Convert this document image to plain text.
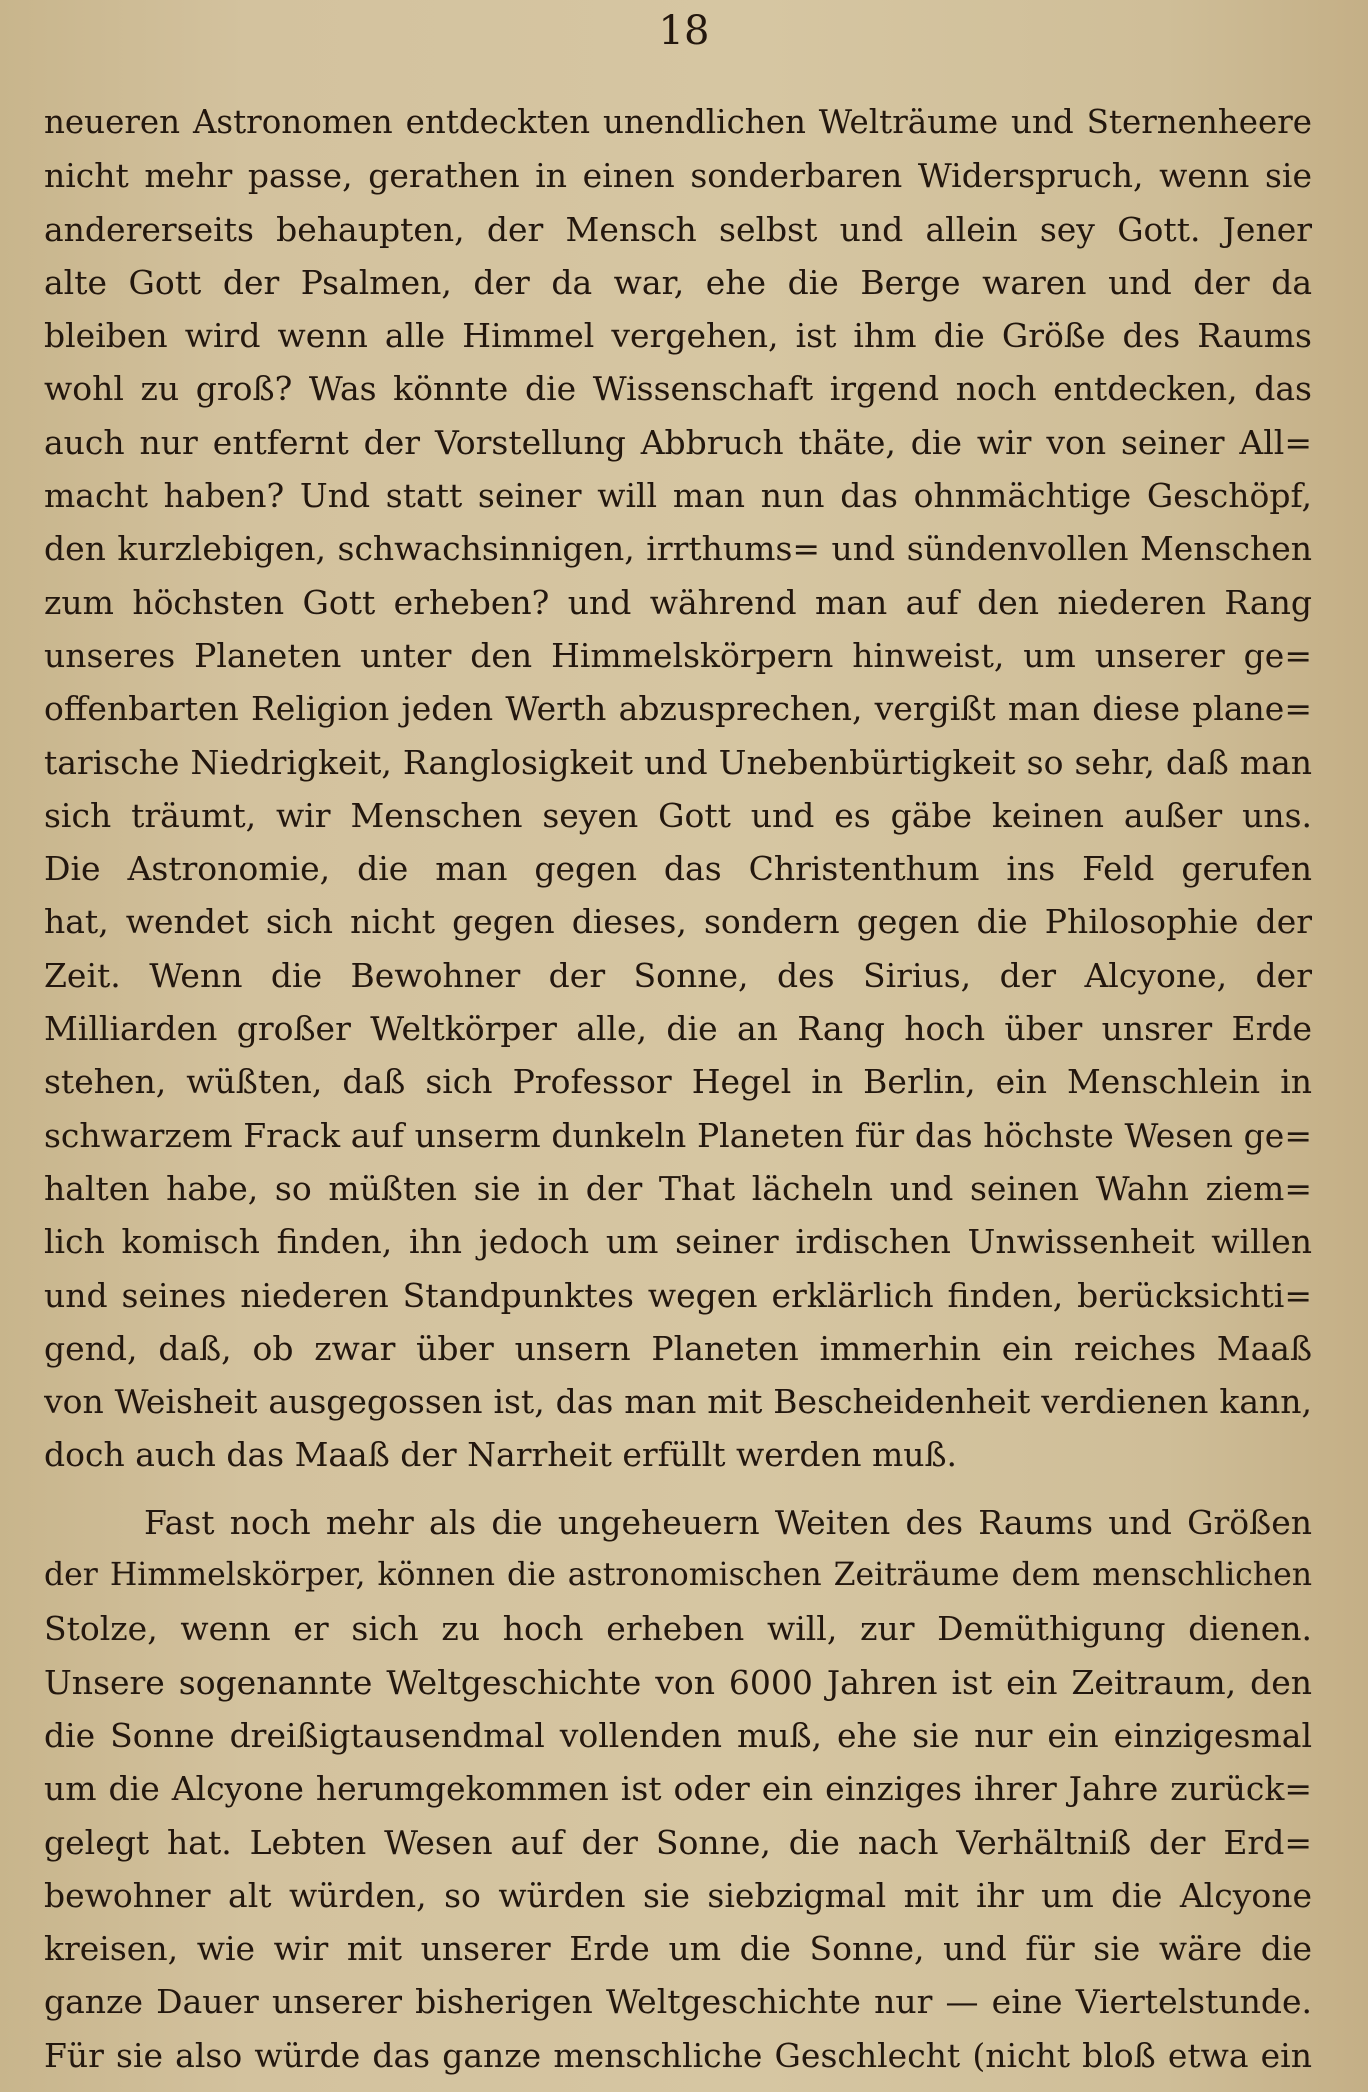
18
neueren Astronomen entdeckten unendlichen Welträume und Sternenheere
nicht mehr passe, gerathen in einen sonderbaren Widerspruch, wenn sie
andererseits behaupten, der Mensch selbst und allein sey Gott. Jener
alte Gott der Psalmen, der da war, ehe die Berge waren und der da
bleiben wird wenn alle Himmel vergehen, ist ihm die Größe des Raums
wohl zu groß? Was könnte die Wissenschaft irgend noch entdecken, das
auch nur entfernt der Vorstellung Abbruch thäte, die wir von seiner All=
macht haben? Und statt seiner will man nun das ohnmächtige Geschöpf,
den kurzlebigen, schwachsinnigen, irrthums= und sündenvollen Menschen
zum höchsten Gott erheben? und während man auf den niederen Rang
unseres Planeten unter den Himmelskörpern hinweist, um unserer ge=
offenbarten Religion jeden Werth abzusprechen, vergißt man diese plane=
tarische Niedrigkeit, Ranglosigkeit und Unebenbürtigkeit so sehr, daß man
sich träumt, wir Menschen seyen Gott und es gäbe keinen außer uns.
Die Astronomie, die man gegen das Christenthum ins Feld gerufen
hat, wendet sich nicht gegen dieses, sondern gegen die Philosophie der
Zeit. Wenn die Bewohner der Sonne, des Sirius, der Alcyone, der
Milliarden großer Weltkörper alle, die an Rang hoch über unsrer Erde
stehen, wüßten, daß sich Professor Hegel in Berlin, ein Menschlein in
schwarzem Frack auf unserm dunkeln Planeten für das höchste Wesen ge=
halten habe, so müßten sie in der That lächeln und seinen Wahn ziem=
lich komisch finden, ihn jedoch um seiner irdischen Unwissenheit willen
und seines niederen Standpunktes wegen erklärlich finden, berücksichti=
gend, daß, ob zwar über unsern Planeten immerhin ein reiches Maaß
von Weisheit ausgegossen ist, das man mit Bescheidenheit verdienen kann,
doch auch das Maaß der Narrheit erfüllt werden muß.
Fast noch mehr als die ungeheuern Weiten des Raums und Größen
der Himmelskörper, können die astronomischen Zeiträume dem menschlichen
Stolze, wenn er sich zu hoch erheben will, zur Demüthigung dienen.
Unsere sogenannte Weltgeschichte von 6000 Jahren ist ein Zeitraum, den
die Sonne dreißigtausendmal vollenden muß, ehe sie nur ein einzigesmal
um die Alcyone herumgekommen ist oder ein einziges ihrer Jahre zurück=
gelegt hat. Lebten Wesen auf der Sonne, die nach Verhältniß der Erd=
bewohner alt würden, so würden sie siebzigmal mit ihr um die Alcyone
kreisen, wie wir mit unserer Erde um die Sonne, und für sie wäre die
ganze Dauer unserer bisherigen Weltgeschichte nur — eine Viertelstunde.
Für sie also würde das ganze menschliche Geschlecht (nicht bloß etwa ein
